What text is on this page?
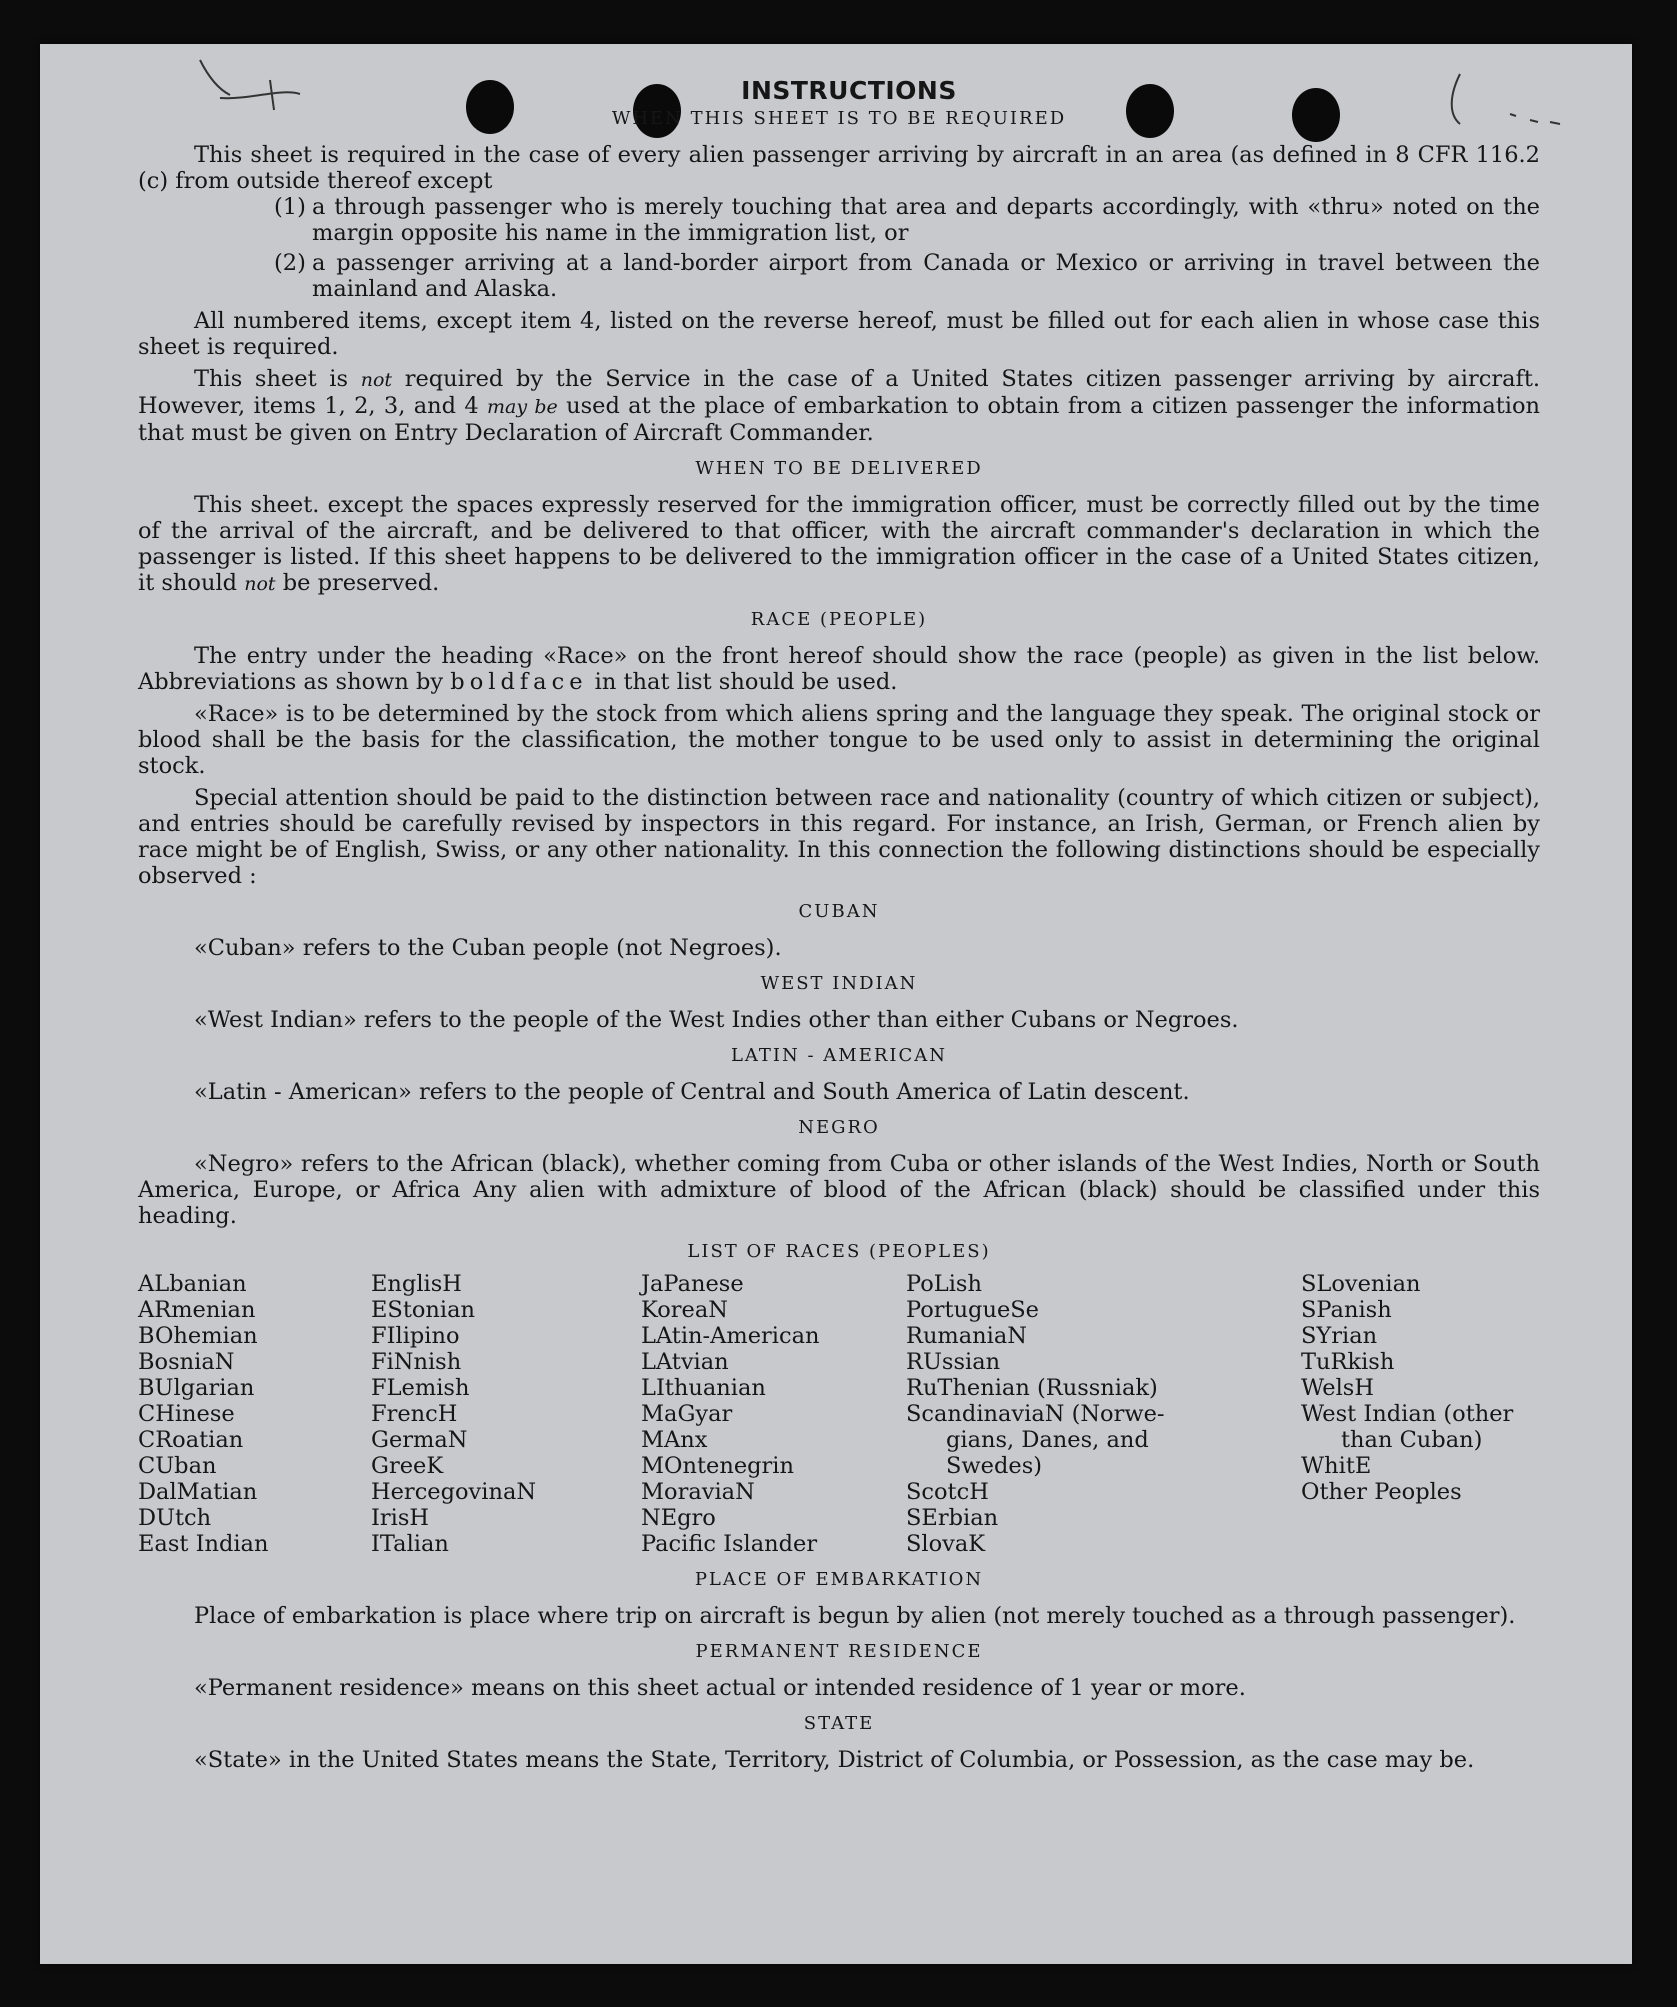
INSTRUCTIONS
WHEN THIS SHEET IS TO BE REQUIRED

This sheet is required in the case of every alien passenger arriving by aircraft in an area (as defined in 8 CFR 116.2 (c) from outside thereof except

(1) a through passenger who is merely touching that area and departs accordingly, with «thru» noted on the margin opposite his name in the immigration list, or
(2) a passenger arriving at a land-border airport from Canada or Mexico or arriving in travel between the mainland and Alaska.

All numbered items, except item 4, listed on the reverse hereof, must be filled out for each alien in whose case this sheet is required.

This sheet is not required by the Service in the case of a United States citizen passenger arriving by aircraft. However, items 1, 2, 3, and 4 may be used at the place of embarkation to obtain from a citizen passenger the information that must be given on Entry Declaration of Aircraft Commander.

WHEN TO BE DELIVERED

This sheet. except the spaces expressly reserved for the immigration officer, must be correctly filled out by the time of the arrival of the aircraft, and be delivered to that officer, with the aircraft commander's declaration in which the passenger is listed. If this sheet happens to be delivered to the immigration officer in the case of a United States citizen, it should not be preserved.

RACE (PEOPLE)

The entry under the heading «Race» on the front hereof should show the race (people) as given in the list below. Abbreviations as shown by boldface in that list should be used.

«Race» is to be determined by the stock from which aliens spring and the language they speak. The original stock or blood shall be the basis for the classification, the mother tongue to be used only to assist in determining the original stock.

Special attention should be paid to the distinction between race and nationality (country of which citizen or subject), and entries should be carefully revised by inspectors in this regard. For instance, an Irish, German, or French alien by race might be of English, Swiss, or any other nationality. In this connection the following distinctions should be especially observed :

CUBAN

«Cuban» refers to the Cuban people (not Negroes).

WEST INDIAN

«West Indian» refers to the people of the West Indies other than either Cubans or Negroes.

LATIN - AMERICAN

«Latin - American» refers to the people of Central and South America of Latin descent.

NEGRO

«Negro» refers to the African (black), whether coming from Cuba or other islands of the West Indies, North or South America, Europe, or Africa Any alien with admixture of blood of the African (black) should be classified under this heading.

LIST OF RACES (PEOPLES)
ALbanian
ARmenian
BOhemian
BosniaN
BUlgarian
CHinese
CRoatian
CUban
DalMatian
DUtch
East Indian
EnglisH
EStonian
FIlipino
FiNnish
FLemish
FrencH
GermaN
GreeK
HercegovinaN
IrisH
ITalian
JaPanese
KoreaN
LAtin-American
LAtvian
LIthuanian
MaGyar
MAnx
MOntenegrin
MoraviaN
NEgro
Pacific Islander
PoLish
PortugueSe
RumaniaN
RUssian
RuThenian (Russniak)
ScandinaviaN (Norwe-
gians, Danes, and
Swedes)
ScotcH
SErbian
SlovaK
SLovenian
SPanish
SYrian
TuRkish
WelsH
West Indian (other
than Cuban)
WhitE
Other Peoples
PLACE OF EMBARKATION

Place of embarkation is place where trip on aircraft is begun by alien (not merely touched as a through passenger).

PERMANENT RESIDENCE

«Permanent residence» means on this sheet actual or intended residence of 1 year or more.

STATE

«State» in the United States means the State, Territory, District of Columbia, or Possession, as the case may be.
